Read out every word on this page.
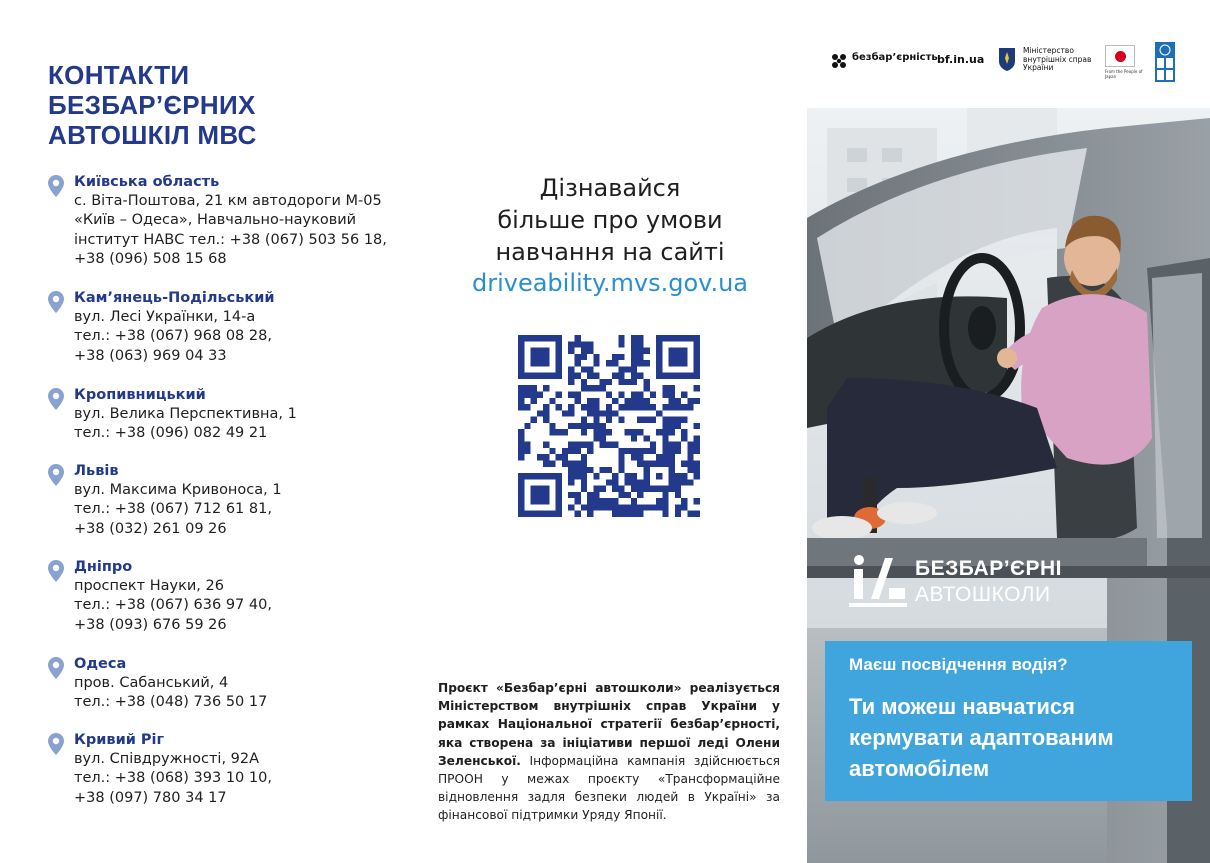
КОНТАКТИ
БЕЗБАР’ЄРНИХ
АВТОШКІЛ МВС
Київська область
с. Віта-Поштова, 21 км автодороги М-05
«Київ – Одеса», Навчально-науковий
інститут НАВС тел.: +38 (067) 503 56 18,
+38 (096) 508 15 68
Кам’янець-Подільський
вул. Лесі Українки, 14-а
тел.: +38 (067) 968 08 28,
+38 (063) 969 04 33
Кропивницький
вул. Велика Перспективна, 1
тел.: +38 (096) 082 49 21
Львів
вул. Максима Кривоноса, 1
тел.: +38 (067) 712 61 81,
+38 (032) 261 09 26
Дніпро
проспект Науки, 26
тел.: +38 (067) 636 97 40,
+38 (093) 676 59 26
Одеса
пров. Сабанський, 4
тел.: +38 (048) 736 50 17
Кривий Ріг
вул. Співдружності, 92А
тел.: +38 (068) 393 10 10,
+38 (097) 780 34 17
Дізнавайся
більше про умови
навчання на сайті
driveability.mvs.gov.ua

Проєкт «Безбар’єрні автошколи» реалізується Міністерством внутрішніх справ України у рамках Національної стратегії безбар’єрності, яка створена за ініціативи першої леді Олени Зеленської. Інформаційна кампанія здійснюється ПРООН у межах проєкту «Трансформаційне відновлення задля безпеки людей в Україні» за фінансової підтримки Уряду Японії.

безбар’єрність bf.in.ua
Міністерство
внутрішніх справ
України	From the People of Japan
БЕЗБАР’ЄРНІ
АВТОШКОЛИ
Маєш посвідчення водія?
Ти можеш навчатися
кермувати адаптованим
автомобілем
